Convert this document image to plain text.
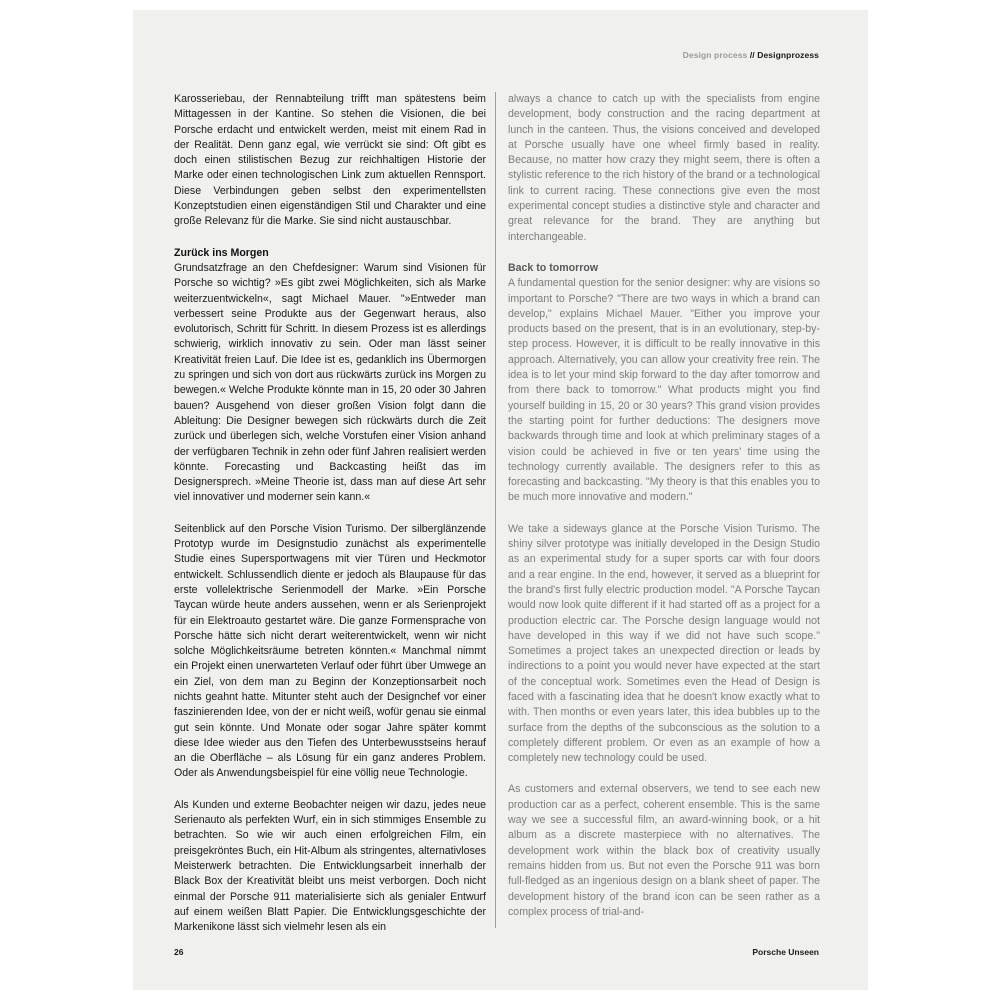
Design process // Designprozess

Karosseriebau, der Rennabteilung trifft man spätestens beim Mittagessen in der Kantine. So stehen die Visionen, die bei Porsche erdacht und entwickelt werden, meist mit einem Rad in der Realität. Denn ganz egal, wie verrückt sie sind: Oft gibt es doch einen stilistischen Bezug zur reichhaltigen Historie der Marke oder einen technologischen Link zum aktuellen Rennsport. Diese Verbindungen geben selbst den experimentellsten Konzeptstudien einen eigenständigen Stil und Charakter und eine große Relevanz für die Marke. Sie sind nicht austauschbar.

Zurück ins Morgen

Grundsatzfrage an den Chefdesigner: Warum sind Visionen für Porsche so wichtig? »Es gibt zwei Möglichkeiten, sich als Marke weiterzuentwickeln«, sagt Michael Mauer. "»Entweder man verbessert seine Produkte aus der Gegenwart heraus, also evolutorisch, Schritt für Schritt. In diesem Prozess ist es allerdings schwierig, wirklich innovativ zu sein. Oder man lässt seiner Kreativität freien Lauf. Die Idee ist es, gedanklich ins Übermorgen zu springen und sich von dort aus rückwärts zurück ins Morgen zu bewegen.« Welche Produkte könnte man in 15, 20 oder 30 Jahren bauen? Ausgehend von dieser großen Vision folgt dann die Ableitung: Die Designer bewegen sich rückwärts durch die Zeit zurück und überlegen sich, welche Vorstufen einer Vision anhand der verfügbaren Technik in zehn oder fünf Jahren realisiert werden könnte. Forecasting und Backcasting heißt das im Designersprech. »Meine Theorie ist, dass man auf diese Art sehr viel innovativer und moderner sein kann.«

Seitenblick auf den Porsche Vision Turismo. Der silberglänzende Prototyp wurde im Designstudio zunächst als experimentelle Studie eines Supersportwagens mit vier Türen und Heckmotor entwickelt. Schlussendlich diente er jedoch als Blaupause für das erste vollelektrische Serienmodell der Marke. »Ein Porsche Taycan würde heute anders aussehen, wenn er als Serienprojekt für ein Elektroauto gestartet wäre. Die ganze Formensprache von Porsche hätte sich nicht derart weiterentwickelt, wenn wir nicht solche Möglichkeitsräume betreten könnten.« Manchmal nimmt ein Projekt einen unerwarteten Verlauf oder führt über Umwege an ein Ziel, von dem man zu Beginn der Konzeptionsarbeit noch nichts geahnt hatte. Mitunter steht auch der Designchef vor einer faszinierenden Idee, von der er nicht weiß, wofür genau sie einmal gut sein könnte. Und Monate oder sogar Jahre später kommt diese Idee wieder aus den Tiefen des Unterbewusstseins herauf an die Oberfläche – als Lösung für ein ganz anderes Problem. Oder als Anwendungsbeispiel für eine völlig neue Technologie.

Als Kunden und externe Beobachter neigen wir dazu, jedes neue Serienauto als perfekten Wurf, ein in sich stimmiges Ensemble zu betrachten. So wie wir auch einen erfolgreichen Film, ein preisgekröntes Buch, ein Hit-Album als stringentes, alternativloses Meisterwerk betrachten. Die Entwicklungsarbeit innerhalb der Black Box der Kreativität bleibt uns meist verborgen. Doch nicht einmal der Porsche 911 materialisierte sich als genialer Entwurf auf einem weißen Blatt Papier. Die Entwicklungsgeschichte der Markenikone lässt sich vielmehr lesen als ein

always a chance to catch up with the specialists from engine development, body construction and the racing department at lunch in the canteen. Thus, the visions conceived and developed at Porsche usually have one wheel firmly based in reality. Because, no matter how crazy they might seem, there is often a stylistic reference to the rich history of the brand or a technological link to current racing. These connections give even the most experimental concept studies a distinctive style and character and great relevance for the brand. They are anything but interchangeable.

Back to tomorrow

A fundamental question for the senior designer: why are visions so important to Porsche? "There are two ways in which a brand can develop," explains Michael Mauer. "Either you improve your products based on the present, that is in an evolutionary, step-by-step process. However, it is difficult to be really innovative in this approach. Alternatively, you can allow your creativity free rein. The idea is to let your mind skip forward to the day after tomorrow and from there back to tomorrow." What products might you find yourself building in 15, 20 or 30 years? This grand vision provides the starting point for further deductions: The designers move backwards through time and look at which preliminary stages of a vision could be achieved in five or ten years' time using the technology currently available. The designers refer to this as forecasting and backcasting. "My theory is that this enables you to be much more innovative and modern."

We take a sideways glance at the Porsche Vision Turismo. The shiny silver prototype was initially developed in the Design Studio as an experimental study for a super sports car with four doors and a rear engine. In the end, however, it served as a blueprint for the brand's first fully electric production model. "A Porsche Taycan would now look quite different if it had started off as a project for a production electric car. The Porsche design language would not have developed in this way if we did not have such scope." Sometimes a project takes an unexpected direction or leads by indirections to a point you would never have expected at the start of the conceptual work. Sometimes even the Head of Design is faced with a fascinating idea that he doesn't know exactly what to with. Then months or even years later, this idea bubbles up to the surface from the depths of the subconscious as the solution to a completely different problem. Or even as an example of how a completely new technology could be used.

As customers and external observers, we tend to see each new production car as a perfect, coherent ensemble. This is the same way we see a successful film, an award-winning book, or a hit album as a discrete masterpiece with no alternatives. The development work within the black box of creativity usually remains hidden from us. But not even the Porsche 911 was born full-fledged as an ingenious design on a blank sheet of paper. The development history of the brand icon can be seen rather as a complex process of trial-and-

26	Porsche Unseen
